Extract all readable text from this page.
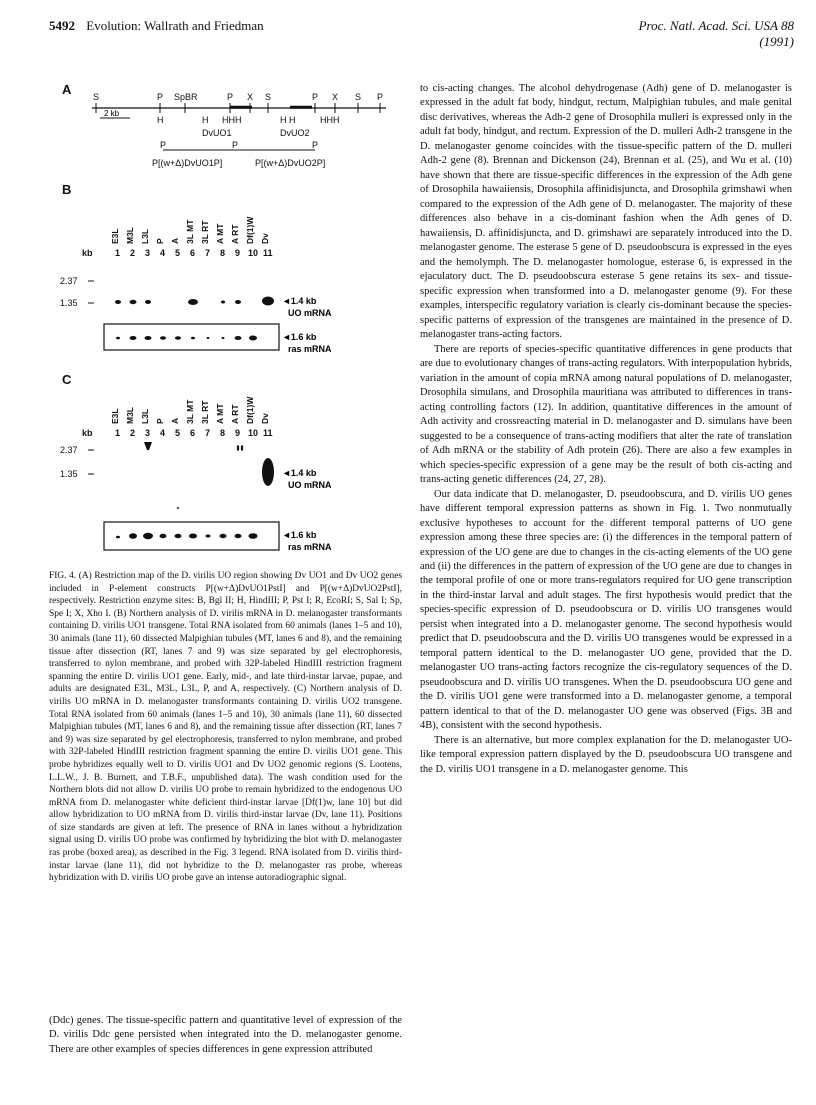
5492 Evolution: Wallrath and Friedman	Proc. Natl. Acad. Sci. USA 88 (1991)
A S	P SpBR	P X S	P X S P
H	H HHH	H H	HHH
DvUO1	DvUO2
P	P	P
P[(w+Δ)DvUO1P]	P[(w+Δ)DvUO2P]
2 kb
B
E3L M3L L3L P A 3L MT 3L RT A MT A RT Df(1)W Dv
kb 1 2 3 4 5 6 7 8 9 10 11
2.37
1.35	◄1.4 kb
UO mRNA
◄1.6 kb
ras mRNA
C
E3L M3L L3L P A 3L MT 3L RT A MT A RT Df(1)W Dv
kb 1 2 3 4 5 6 7 8 9 10 11
2.37
1.35	◄1.4 kb
UO mRNA
◄1.6 kb
ras mRNA
FIG. 4. (A) Restriction map of the D. virilis UO region showing Dv UO1 and Dv UO2 genes included in P-element constructs P[(w+Δ)DvUO1PstI] and P[(w+Δ)DvUO2PstI], respectively. Restriction enzyme sites: B, Bgl II; H, HindIII; P, Pst I; R, EcoRI; S, Sal I; Sp, Spe I; X, Xho I. (B) Northern analysis of D. virilis mRNA in D. melanogaster transformants containing D. virilis UO1 transgene. Total RNA isolated from 60 animals (lanes 1–5 and 10), 30 animals (lane 11), 60 dissected Malpighian tubules (MT, lanes 6 and 8), and the remaining tissue after dissection (RT, lanes 7 and 9) was size separated by gel electrophoresis, transferred to nylon membrane, and probed with 32P-labeled HindIII restriction fragment spanning the entire D. virilis UO1 gene. Early, mid-, and late third-instar larvae, pupae, and adults are designated E3L, M3L, L3L, P, and A, respectively. (C) Northern analysis of D. virilis UO mRNA in D. melanogaster transformants containing D. virilis UO2 transgene. Total RNA isolated from 60 animals (lanes 1–5 and 10), 30 animals (lane 11), 60 dissected Malpighian tubules (MT, lanes 6 and 8), and the remaining tissue after dissection (RT, lanes 7 and 9) was size separated by gel electrophoresis, transferred to nylon membrane, and probed with 32P-labeled HindIII restriction fragment spanning the entire D. virilis UO1 gene. This probe hybridizes equally well to D. virilis UO1 and Dv UO2 genomic regions (S. Lootens, L.L.W., J. B. Burnett, and T.B.F., unpublished data). The wash condition used for the Northern blots did not allow D. virilis UO probe to remain hybridized to the endogenous UO mRNA from D. melanogaster white deficient third-instar larvae [Df(1)w, lane 10] but did allow hybridization to UO mRNA from D. virilis third-instar larvae (Dv, lane 11). Positions of size standards are given at left. The presence of RNA in lanes without a hybridization signal using D. virilis UO probe was confirmed by hybridizing the blot with D. melanogaster ras probe (boxed area), as described in the Fig. 3 legend. RNA isolated from D. virilis third-instar larvae (lane 11), did not hybridize to the D. melanogaster ras probe, whereas hybridization with D. virilis UO probe gave an intense autoradiographic signal.
(Ddc) genes. The tissue-specific pattern and quantitative level of expression of the D. virilis Ddc gene persisted when integrated into the D. melanogaster genome. There are other examples of species differences in gene expression attributed

to cis-acting changes. The alcohol dehydrogenase (Adh) gene of D. melanogaster is expressed in the adult fat body, hindgut, rectum, Malpighian tubules, and male genital disc derivatives, whereas the Adh-2 gene of Drosophila mulleri is expressed only in the adult fat body, hindgut, and rectum. Expression of the D. mulleri Adh-2 transgene in the D. melanogaster genome coincides with the tissue-specific pattern of the D. mulleri Adh-2 gene (8). Brennan and Dickenson (24), Brennan et al. (25), and Wu et al. (10) have shown that there are tissue-specific differences in the expression of the Adh gene of Drosophila hawaiiensis, Drosophila affinidisjuncta, and Drosophila grimshawi when compared to the expression of the Adh gene of D. melanogaster. The majority of these differences also behave in a cis-dominant fashion when the Adh genes of D. hawaiiensis, D. affinidisjuncta, and D. grimshawi are separately introduced into the D. melanogaster genome. The esterase 5 gene of D. pseudoobscura is expressed in the eyes and the hemolymph. The D. melanogaster homologue, esterase 6, is expressed in the ejaculatory duct. The D. pseudoobscura esterase 5 gene retains its sex- and tissue-specific expression when transformed into a D. melanogaster genome (9). For these examples, interspecific regulatory variation is clearly cis-dominant because the species-specific patterns of expression of the transgenes are maintained in the presence of D. melanogaster trans-acting factors.

There are reports of species-specific quantitative differences in gene products that are due to evolutionary changes of trans-acting regulators. With interpopulation hybrids, variation in the amount of copia mRNA among natural populations of D. melanogaster, Drosophila simulans, and Drosophila mauritiana was attributed to differences in trans-acting controlling factors (12). In addition, quantitative differences in the amount of Adh activity and crossreacting material in D. melanogaster and D. simulans have been suggested to be a consequence of trans-acting modifiers that alter the rate of translation of Adh mRNA or the stability of Adh protein (26). There are also a few examples in which species-specific expression of a gene may be the result of both cis-acting and trans-acting genetic differences (24, 27, 28).

Our data indicate that D. melanogaster, D. pseudoobscura, and D. virilis UO genes have different temporal expression patterns as shown in Fig. 1. Two nonmutually exclusive hypotheses to account for the different temporal patterns of UO gene expression among these three species are: (i) the differences in the temporal pattern of expression of the UO gene are due to changes in the cis-acting elements of the UO gene and (ii) the differences in the pattern of expression of the UO gene are due to changes in the temporal profile of one or more trans-regulators required for UO gene transcription in the third-instar larval and adult stages. The first hypothesis would predict that the species-specific expression of D. pseudoobscura or D. virilis UO transgenes would persist when integrated into a D. melanogaster genome. The second hypothesis would predict that D. pseudoobscura and the D. virilis UO transgenes would be expressed in a temporal pattern identical to the D. melanogaster UO gene, provided that the D. melanogaster UO trans-acting factors recognize the cis-regulatory sequences of the D. pseudoobscura and D. virilis UO transgenes. When the D. pseudoobscura UO gene and the D. virilis UO1 gene were transformed into a D. melanogaster genome, a temporal pattern identical to that of the D. melanogaster UO gene was observed (Figs. 3B and 4B), consistent with the second hypothesis.

There is an alternative, but more complex explanation for the D. melanogaster UO-like temporal expression pattern displayed by the D. pseudoobscura UO transgene and the D. virilis UO1 transgene in a D. melanogaster genome. This
